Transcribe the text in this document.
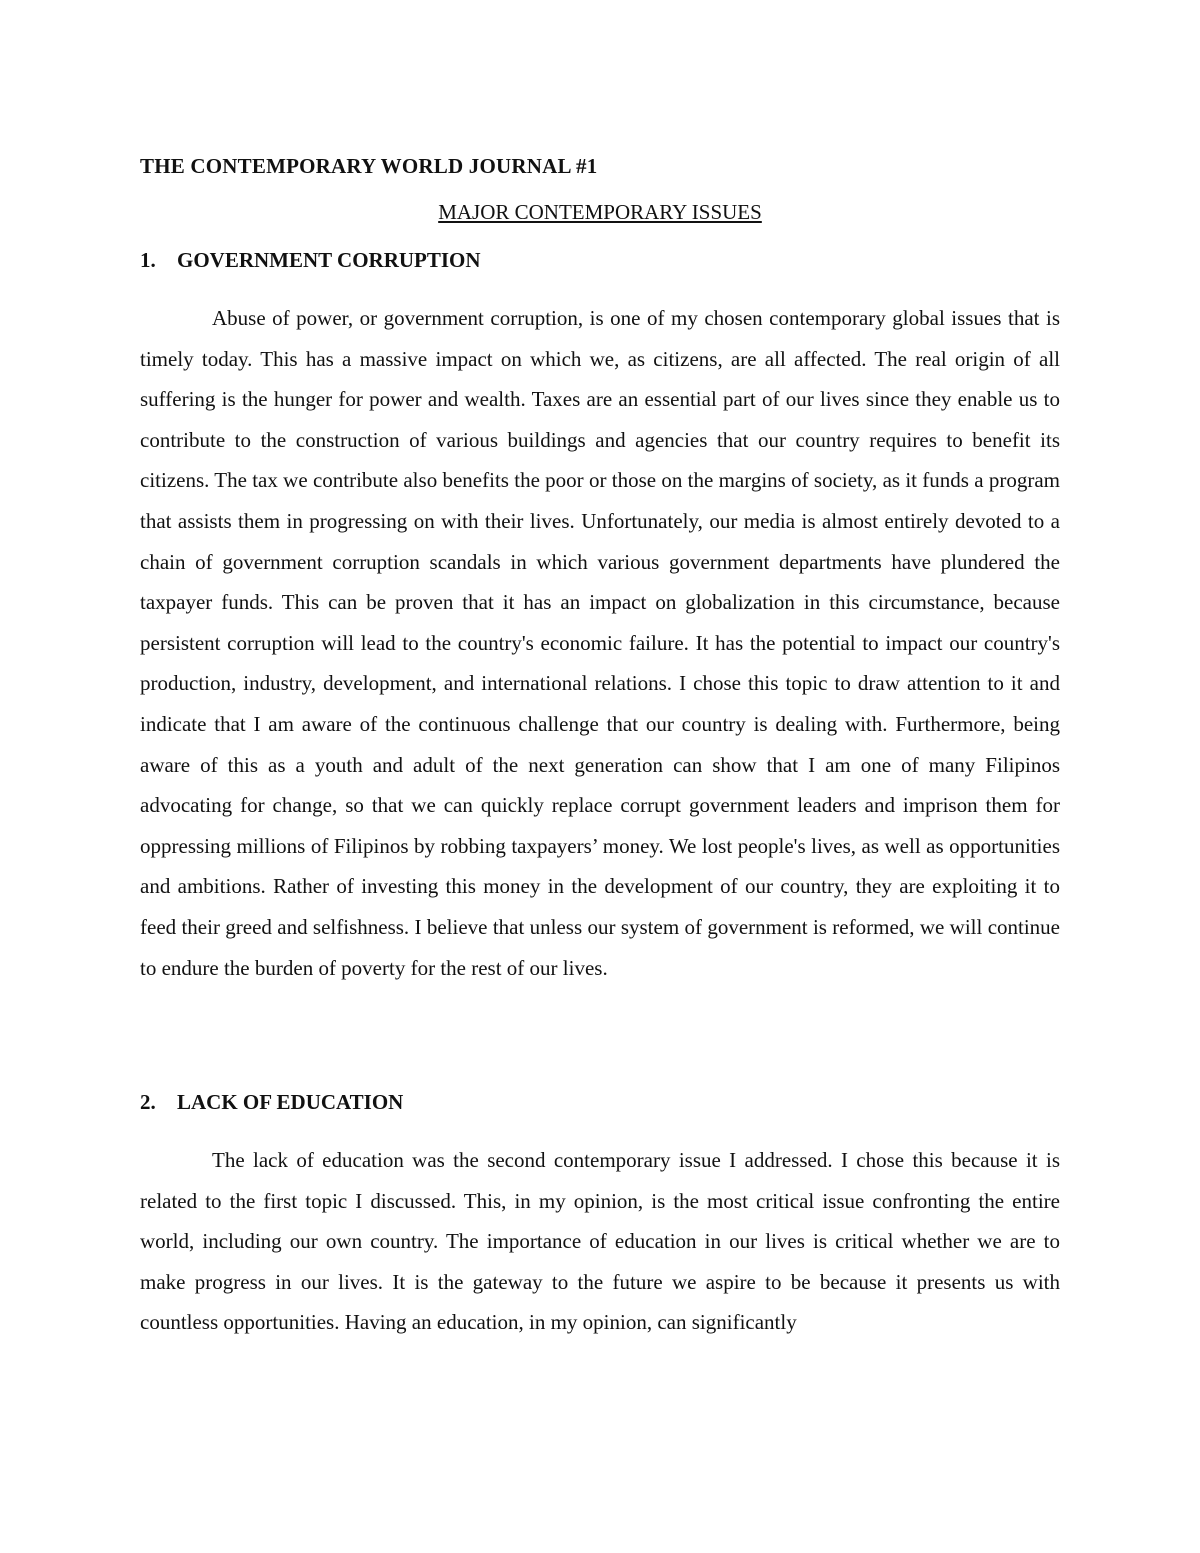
THE CONTEMPORARY WORLD JOURNAL #1
MAJOR CONTEMPORARY ISSUES
1. GOVERNMENT CORRUPTION

Abuse of power, or government corruption, is one of my chosen contemporary global issues that is timely today. This has a massive impact on which we, as citizens, are all affected. The real origin of all suffering is the hunger for power and wealth. Taxes are an essential part of our lives since they enable us to contribute to the construction of various buildings and agencies that our country requires to benefit its citizens. The tax we contribute also benefits the poor or those on the margins of society, as it funds a program that assists them in progressing on with their lives. Unfortunately, our media is almost entirely devoted to a chain of government corruption scandals in which various government departments have plundered the taxpayer funds. This can be proven that it has an impact on globalization in this circumstance, because persistent corruption will lead to the country's economic failure. It has the potential to impact our country's production, industry, development, and international relations. I chose this topic to draw attention to it and indicate that I am aware of the continuous challenge that our country is dealing with. Furthermore, being aware of this as a youth and adult of the next generation can show that I am one of many Filipinos advocating for change, so that we can quickly replace corrupt government leaders and imprison them for oppressing millions of Filipinos by robbing taxpayers’ money. We lost people's lives, as well as opportunities and ambitions. Rather of investing this money in the development of our country, they are exploiting it to feed their greed and selfishness. I believe that unless our system of government is reformed, we will continue to endure the burden of poverty for the rest of our lives.

2. LACK OF EDUCATION

The lack of education was the second contemporary issue I addressed. I chose this because it is related to the first topic I discussed. This, in my opinion, is the most critical issue confronting the entire world, including our own country. The importance of education in our lives is critical whether we are to make progress in our lives. It is the gateway to the future we aspire to be because it presents us with countless opportunities. Having an education, in my opinion, can significantly
